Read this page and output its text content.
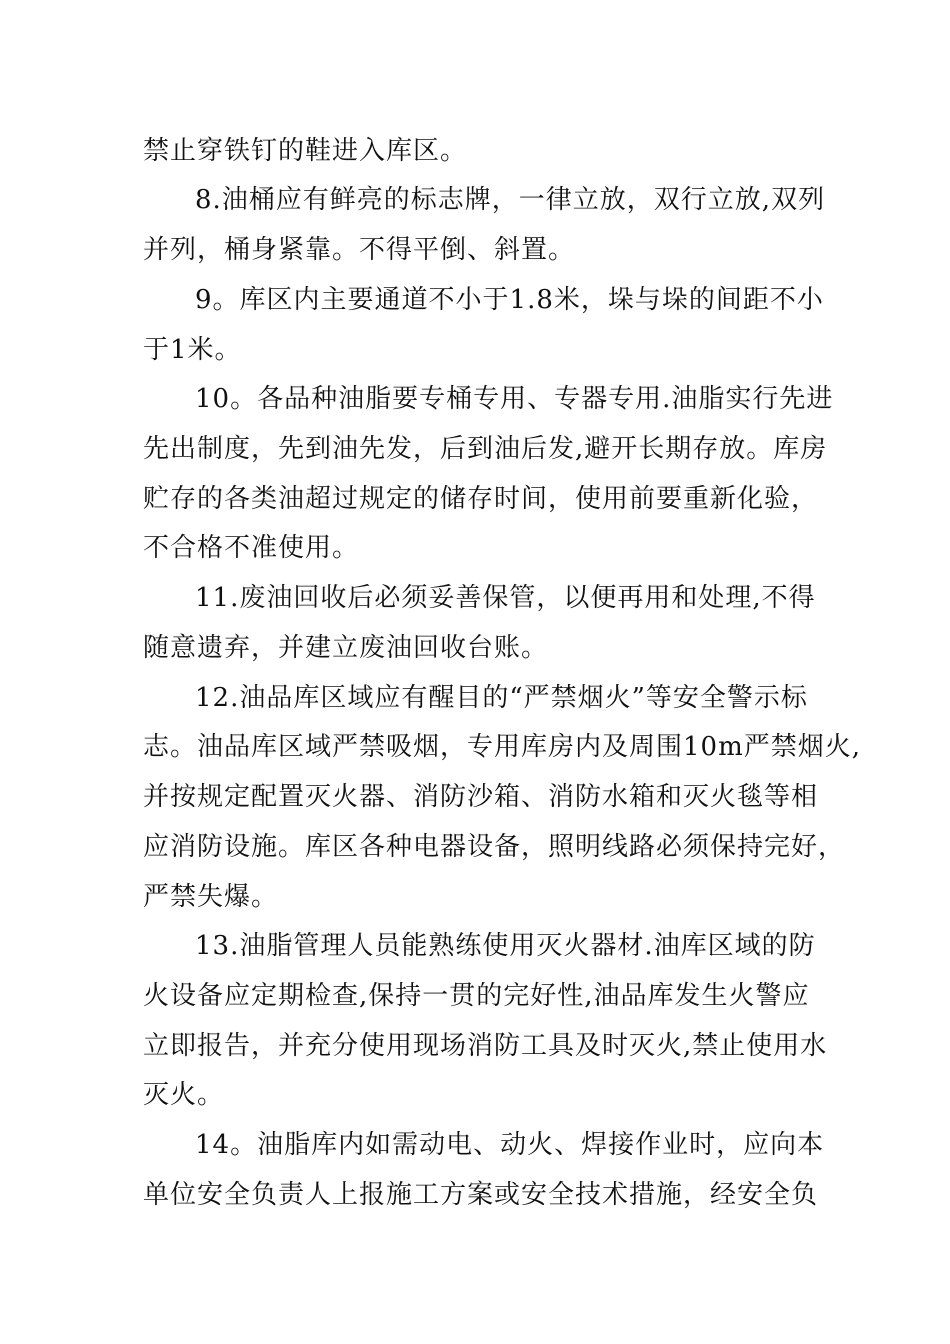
禁止穿铁钉的鞋进入库区。
8.油桶应有鲜亮的标志牌，一律立放，双行立放,双列
并列，桶身紧靠。不得平倒、斜置。
9。库区内主要通道不小于1.8米，垛与垛的间距不小
于1米。
10。各品种油脂要专桶专用、专器专用.油脂实行先进
先出制度，先到油先发，后到油后发,避开长期存放。库房
贮存的各类油超过规定的储存时间，使用前要重新化验，
不合格不准使用。
11.废油回收后必须妥善保管，以便再用和处理,不得
随意遗弃，并建立废油回收台账。
12.油品库区域应有醒目的“严禁烟火”等安全警示标
志。油品库区域严禁吸烟，专用库房内及周围10m严禁烟火,
并按规定配置灭火器、消防沙箱、消防水箱和灭火毯等相
应消防设施。库区各种电器设备，照明线路必须保持完好，
严禁失爆。
13.油脂管理人员能熟练使用灭火器材.油库区域的防
火设备应定期检查,保持一贯的完好性,油品库发生火警应
立即报告，并充分使用现场消防工具及时灭火,禁止使用水
灭火。
14。油脂库内如需动电、动火、焊接作业时，应向本
单位安全负责人上报施工方案或安全技术措施，经安全负
